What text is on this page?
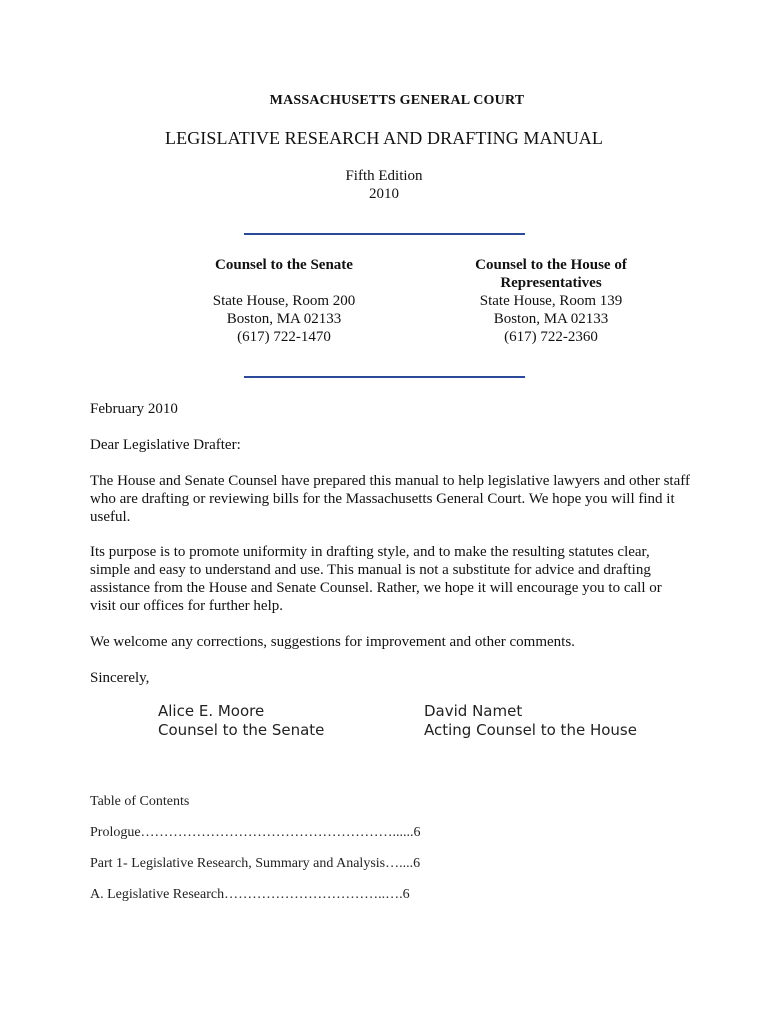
MASSACHUSETTS GENERAL COURT
LEGISLATIVE RESEARCH AND DRAFTING MANUAL
Fifth Edition
2010
Counsel to the Senate
State House, Room 200
Boston, MA 02133
(617) 722-1470
Counsel to the House of
Representatives
State House, Room 139
Boston, MA 02133
(617) 722-2360
February 2010
Dear Legislative Drafter:
The House and Senate Counsel have prepared this manual to help legislative lawyers and other staff who are drafting or reviewing bills for the Massachusetts General Court. We hope you will find it useful.
Its purpose is to promote uniformity in drafting style, and to make the resulting statutes clear, simple and easy to understand and use. This manual is not a substitute for advice and drafting assistance from the House and Senate Counsel. Rather, we hope it will encourage you to call or visit our offices for further help.
We welcome any corrections, suggestions for improvement and other comments.
Sincerely,
Alice E. Moore
Counsel to the Senate
David Namet
Acting Counsel to the House
Table of Contents
Prologue………………………………………………......6
Part 1- Legislative Research, Summary and Analysis…....6
A. Legislative Research……………………………..….6
